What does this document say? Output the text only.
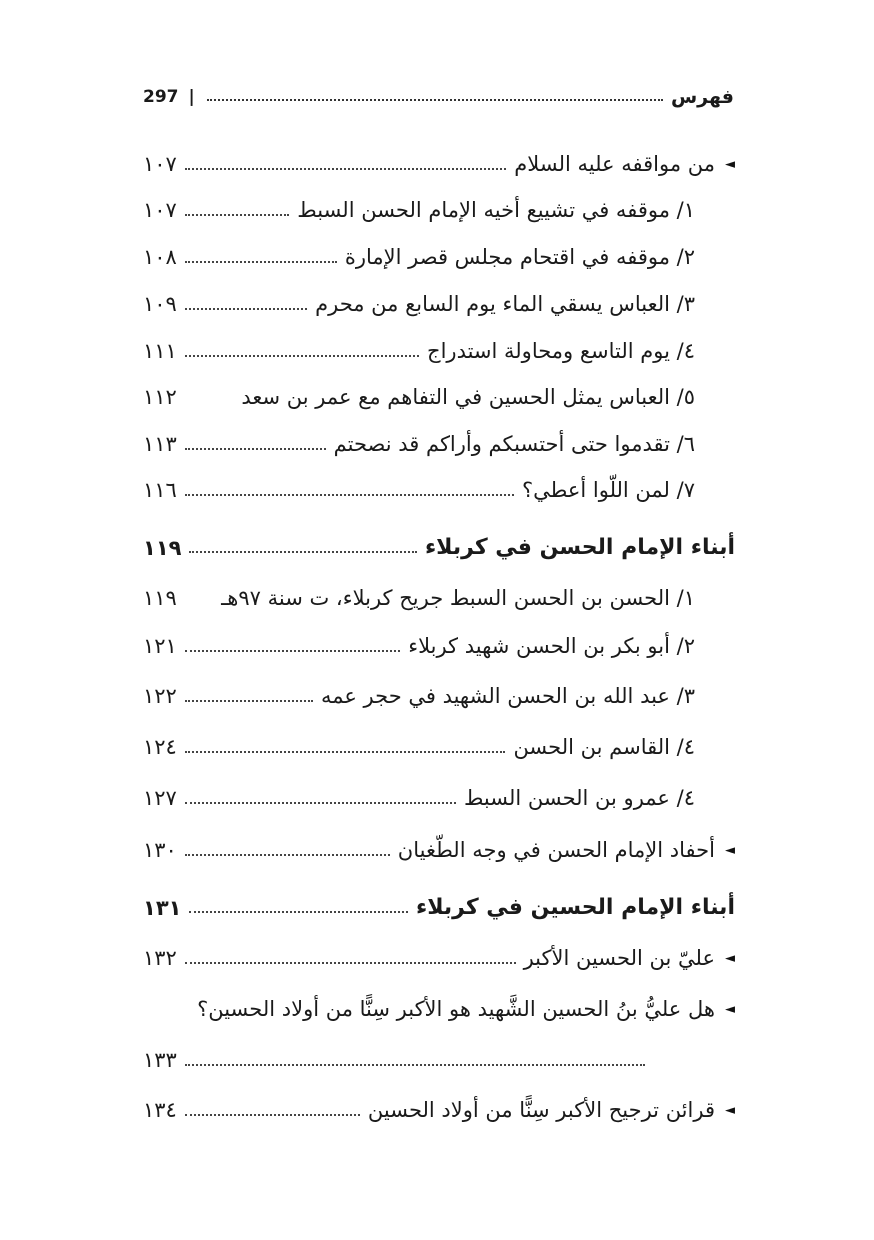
297 |	فهرس
◄
من مواقفه عليه السلام
١٠٧
١/ موقفه في تشييع أخيه الإمام الحسن السبط
١٠٧
٢/ موقفه في اقتحام مجلس قصر الإمارة
١٠٨
٣/ العباس يسقي الماء يوم السابع من محرم
١٠٩
٤/ يوم التاسع ومحاولة استدراج
١١١
٥/ العباس يمثل الحسين في التفاهم مع عمر بن سعد
١١٢
٦/ تقدموا حتى أحتسبكم وأراكم قد نصحتم
١١٣
٧/ لمن اللّوا أعطي؟
١١٦
أبناء الإمام الحسن في كربلاء
١١٩
١/ الحسن بن الحسن السبط جريح كربلاء، ت سنة ٩٧هـ
١١٩
٢/ أبو بكر بن الحسن شهيد كربلاء
١٢١
٣/ عبد الله بن الحسن الشهيد في حجر عمه
١٢٢
٤/ القاسم بن الحسن
١٢٤
٤/ عمرو بن الحسن السبط
١٢٧
◄
أحفاد الإمام الحسن في وجه الطّغيان
١٣٠
أبناء الإمام الحسين في كربلاء
١٣١
◄
عليّ بن الحسين الأكبر
١٣٢
◄
هل عليُّ بنُ الحسين الشَّهيد هو الأكبر سِنًّا من أولاد الحسين؟
١٣٣
◄
قرائن ترجيح الأكبر سِنًّا من أولاد الحسين
١٣٤
